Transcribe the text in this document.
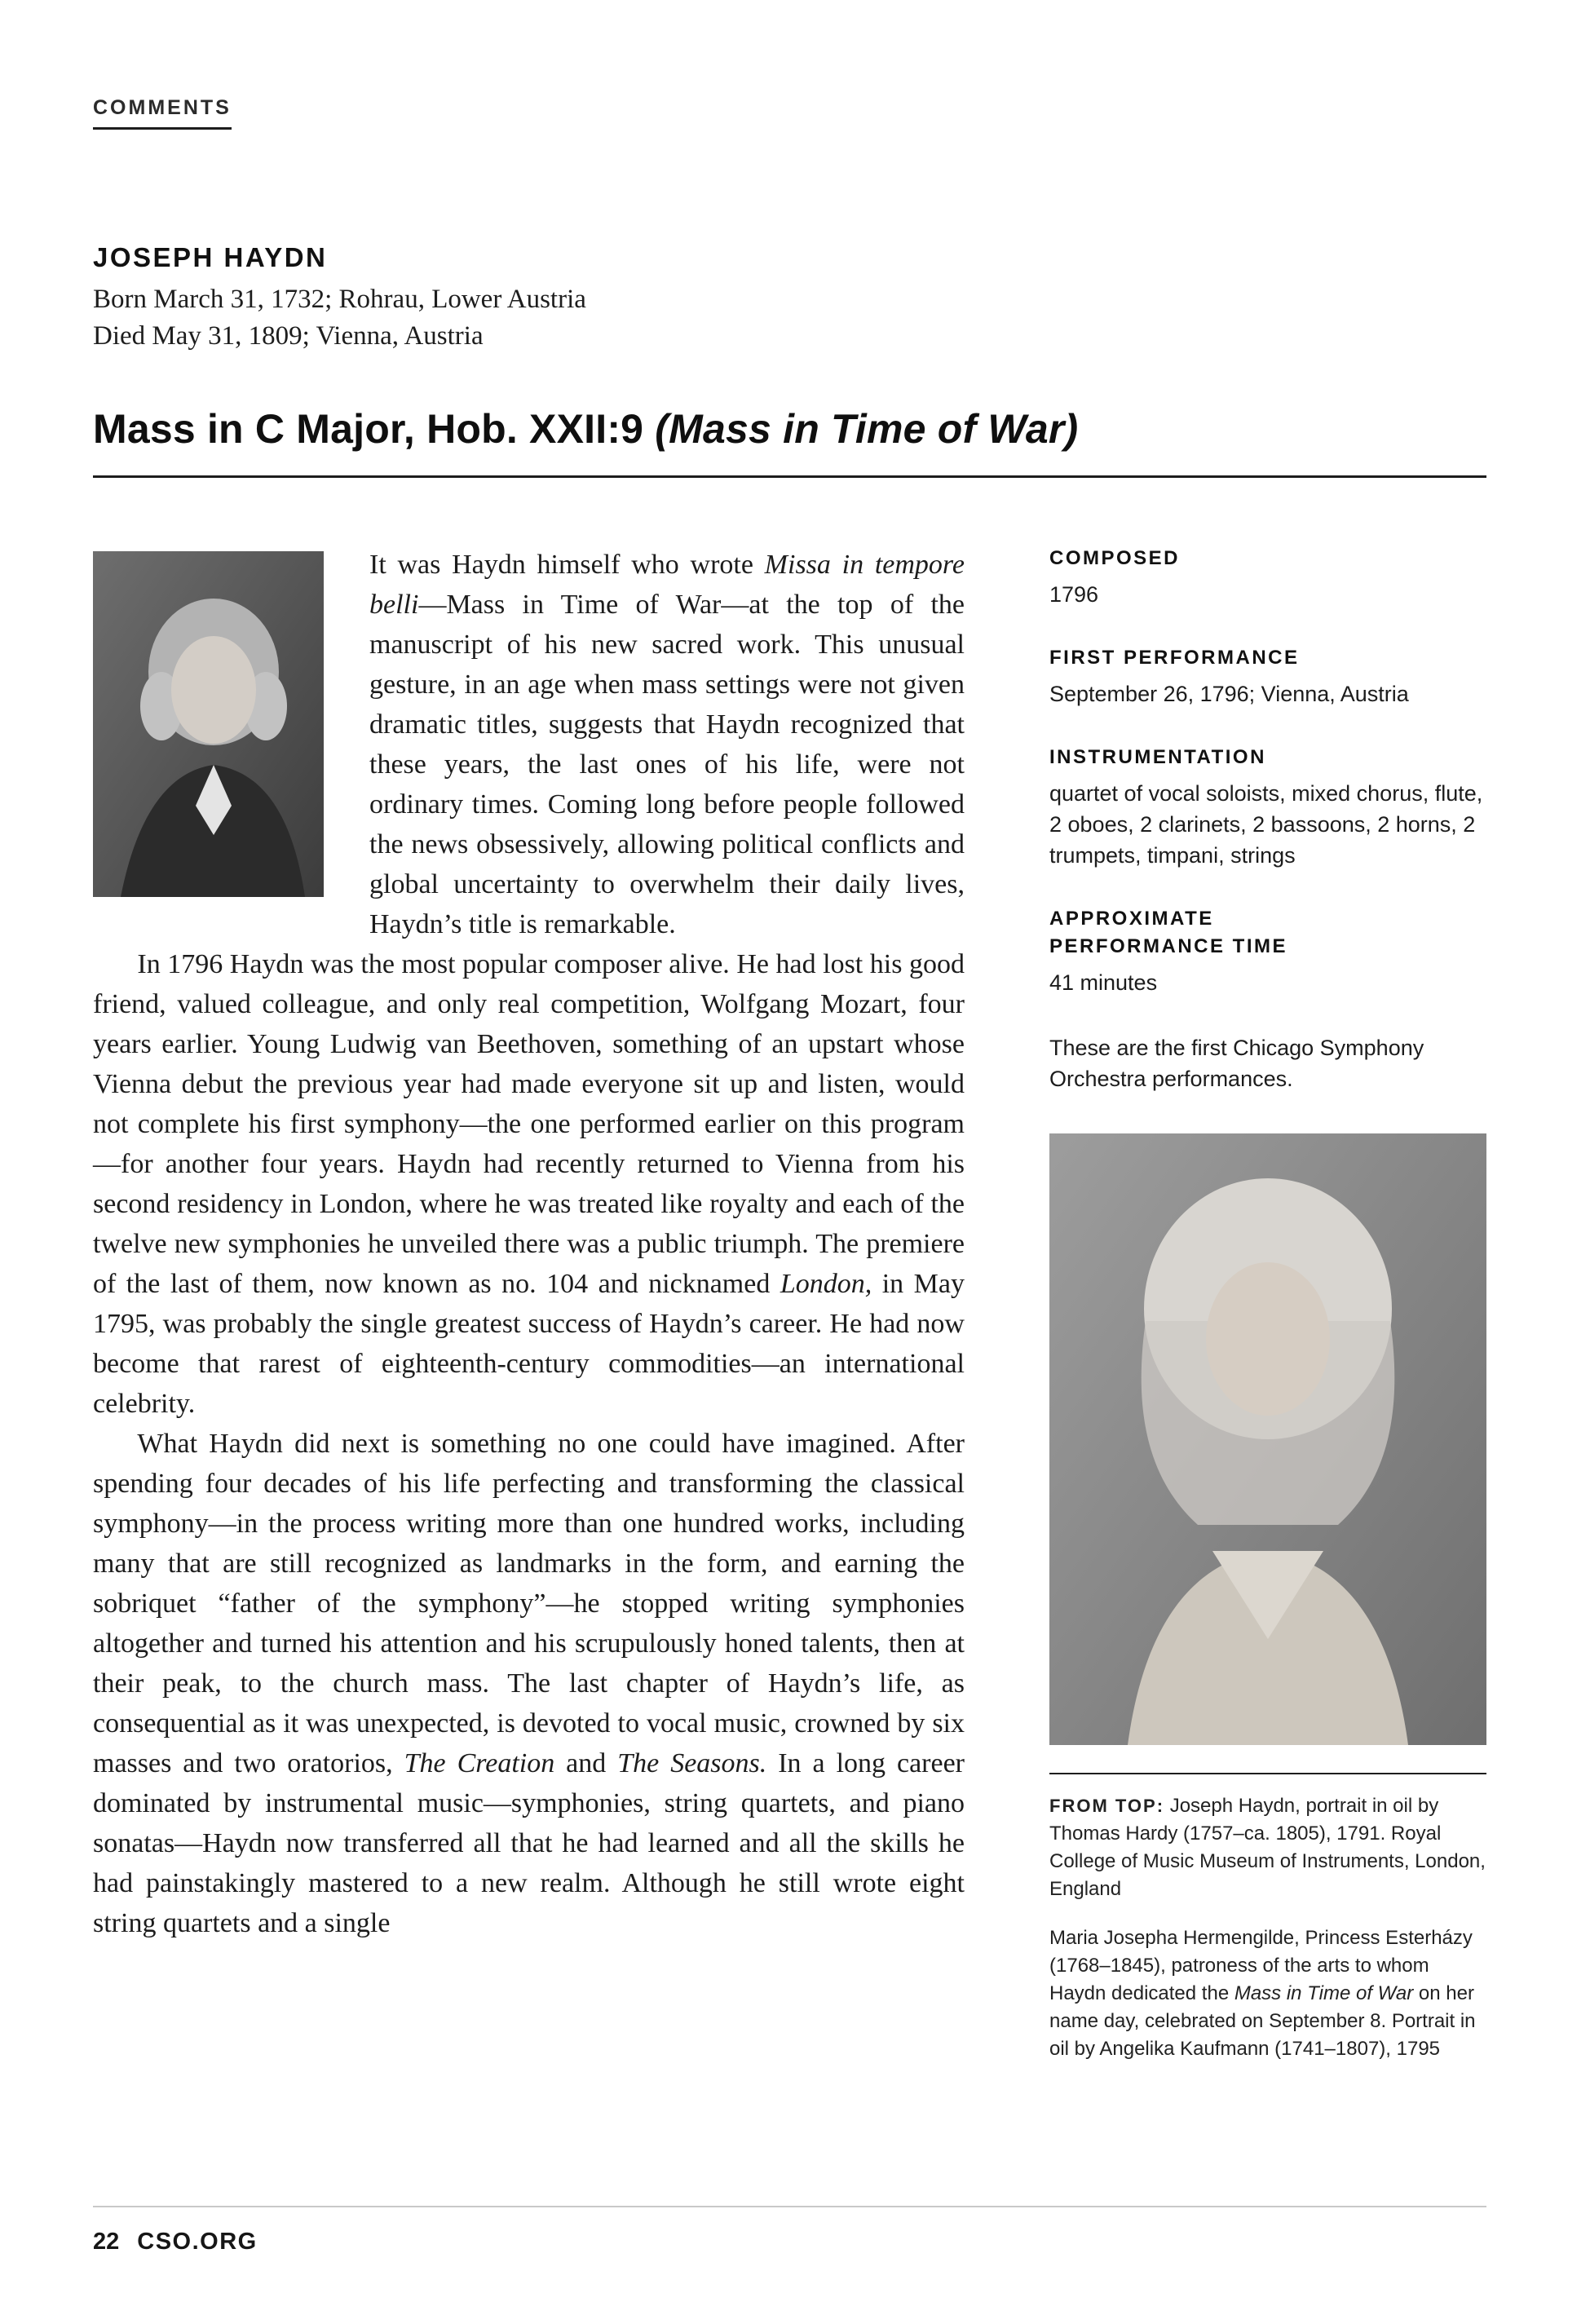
COMMENTS
JOSEPH HAYDN

Born March 31, 1732; Rohrau, Lower Austria

Died May 31, 1809; Vienna, Austria

Mass in C Major, Hob. XXII:9 (Mass in Time of War)

It was Haydn himself who wrote Missa in tempore belli—Mass in Time of War—at the top of the manuscript of his new sacred work. This unusual gesture, in an age when mass settings were not given dramatic titles, suggests that Haydn recognized that these years, the last ones of his life, were not ordinary times. Coming long before people followed the news obsessively, allowing political conflicts and global uncertainty to overwhelm their daily lives, Haydn’s title is remarkable.

In 1796 Haydn was the most popular composer alive. He had lost his good friend, valued colleague, and only real competition, Wolfgang Mozart, four years earlier. Young Ludwig van Beethoven, something of an upstart whose Vienna debut the previous year had made everyone sit up and listen, would not complete his first symphony—the one performed earlier on this program—for another four years. Haydn had recently returned to Vienna from his second residency in London, where he was treated like royalty and each of the twelve new symphonies he unveiled there was a public triumph. The premiere of the last of them, now known as no. 104 and nicknamed London, in May 1795, was probably the single greatest success of Haydn’s career. He had now become that rarest of eighteenth-century commodities—an international celebrity.

What Haydn did next is something no one could have imagined. After spending four decades of his life perfecting and transforming the classical symphony—in the process writing more than one hundred works, including many that are still recognized as landmarks in the form, and earning the sobriquet “father of the symphony”—he stopped writing symphonies altogether and turned his attention and his scrupulously honed talents, then at their peak, to the church mass. The last chapter of Haydn’s life, as consequential as it was unexpected, is devoted to vocal music, crowned by six masses and two oratorios, The Creation and The Seasons. In a long career dominated by instrumental music—symphonies, string quartets, and piano sonatas—Haydn now transferred all that he had learned and all the skills he had painstakingly mastered to a new realm. Although he still wrote eight string quartets and a single

COMPOSED
1796
FIRST PERFORMANCE
September 26, 1796; Vienna, Austria
INSTRUMENTATION
quartet of vocal soloists, mixed chorus, flute, 2 oboes, 2 clarinets, 2 bassoons, 2 horns, 2 trumpets, timpani, strings
APPROXIMATE PERFORMANCE TIME
41 minutes
These are the first Chicago Symphony Orchestra performances.

FROM TOP: Joseph Haydn, portrait in oil by Thomas Hardy (1757–ca. 1805), 1791. Royal College of Music Museum of Instruments, London, England

Maria Josepha Hermengilde, Princess Esterházy (1768–1845), patroness of the arts to whom Haydn dedicated the Mass in Time of War on her name day, celebrated on September 8. Portrait in oil by Angelika Kaufmann (1741–1807), 1795

22 CSO.ORG
